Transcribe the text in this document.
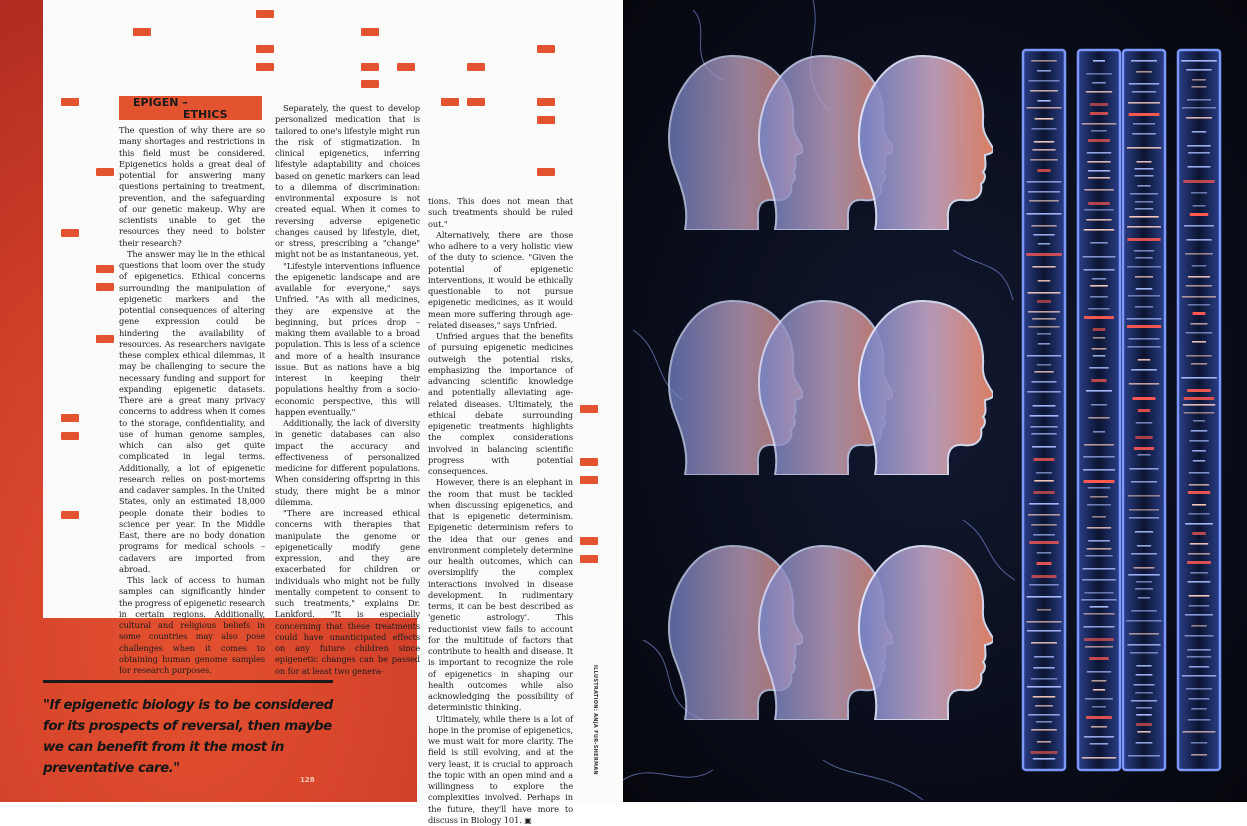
EPIGEN –
ETHICS

The question of why there are so many shortages and restrictions in this field must be considered. Epigenetics holds a great deal of potential for answering many questions pertaining to treatment, prevention, and the safeguarding of our genetic makeup. Why are scientists unable to get the resources they need to bolster their research?

The answer may lie in the ethical questions that loom over the study of epigenetics. Ethical concerns surrounding the manipulation of epigenetic markers and the potential consequences of altering gene expression could be hindering the availability of resources. As researchers navigate these complex ethical dilemmas, it may be challenging to secure the necessary funding and support for expanding epigenetic datasets. There are a great many privacy concerns to address when it comes to the storage, confidentiality, and use of human genome samples, which can also get quite complicated in legal terms. Additionally, a lot of epigenetic research relies on post-mortems and cadaver samples. In the United States, only an estimated 18,000 people donate their bodies to science per year. In the Middle East, there are no body donation programs for medical schools – cadavers are imported from abroad.

This lack of access to human samples can significantly hinder the progress of epigenetic research in certain regions. Additionally, cultural and religious beliefs in some countries may also pose challenges when it comes to obtaining human genome samples for research purposes.

Separately, the quest to develop personalized medication that is tailored to one's lifestyle might run the risk of stigmatization. In clinical epigenetics, inferring lifestyle adaptability and choices based on genetic markers can lead to a dilemma of discrimination: environmental exposure is not created equal. When it comes to reversing adverse epigenetic changes caused by lifestyle, diet, or stress, prescribing a "change" might not be as instantaneous, yet.

"Lifestyle interventions influence the epigenetic landscape and are available for everyone," says Unfried. "As with all medicines, they are expensive at the beginning, but prices drop – making them available to a broad population. This is less of a science and more of a health insurance issue. But as nations have a big interest in keeping their populations healthy from a socio-economic perspective, this will happen eventually."

Additionally, the lack of diversity in genetic databases can also impact the accuracy and effectiveness of personalized medicine for different populations. When considering offspring in this study, there might be a minor dilemma.

"There are increased ethical concerns with therapies that manipulate the genome or epigenetically modify gene expression, and they are exacerbated for children or individuals who might not be fully mentally competent to consent to such treatments," explains Dr. Lankford. "It is especially concerning that these treatments could have unanticipated effects on any future children since epigenetic changes can be passed on for at least two genera-

tions. This does not mean that such treatments should be ruled out."

Alternatively, there are those who adhere to a very holistic view of the duty to science. "Given the potential of epigenetic interventions, it would be ethically questionable to not pursue epigenetic medicines, as it would mean more suffering through age-related diseases," says Unfried.

Unfried argues that the benefits of pursuing epigenetic medicines outweigh the potential risks, emphasizing the importance of advancing scientific knowledge and potentially alleviating age-related diseases. Ultimately, the ethical debate surrounding epigenetic treatments highlights the complex considerations involved in balancing scientific progress with potential consequences.

However, there is an elephant in the room that must be tackled when discussing epigenetics, and that is epigenetic determinism. Epigenetic determinism refers to the idea that our genes and environment completely determine our health outcomes, which can oversimplify the complex interactions involved in disease development. In rudimentary terms, it can be best described as 'genetic astrology'. This reductionist view fails to account for the multitude of factors that contribute to health and disease. It is important to recognize the role of epigenetics in shaping our health outcomes while also acknowledging the possibility of deterministic thinking.

Ultimately, while there is a lot of hope in the promise of epigenetics, we must wait for more clarity. The field is still evolving, and at the very least, it is crucial to approach the topic with an open mind and a willingness to explore the complexities involved. Perhaps in the future, they'll have more to discuss in Biology 101. ▣

"If epigenetic biology is to be considered for its prospects of reversal, then maybe we can benefit from it the most in preventative care."
128
ILLUSTRATION: ANJA FUR-SHERMAN
